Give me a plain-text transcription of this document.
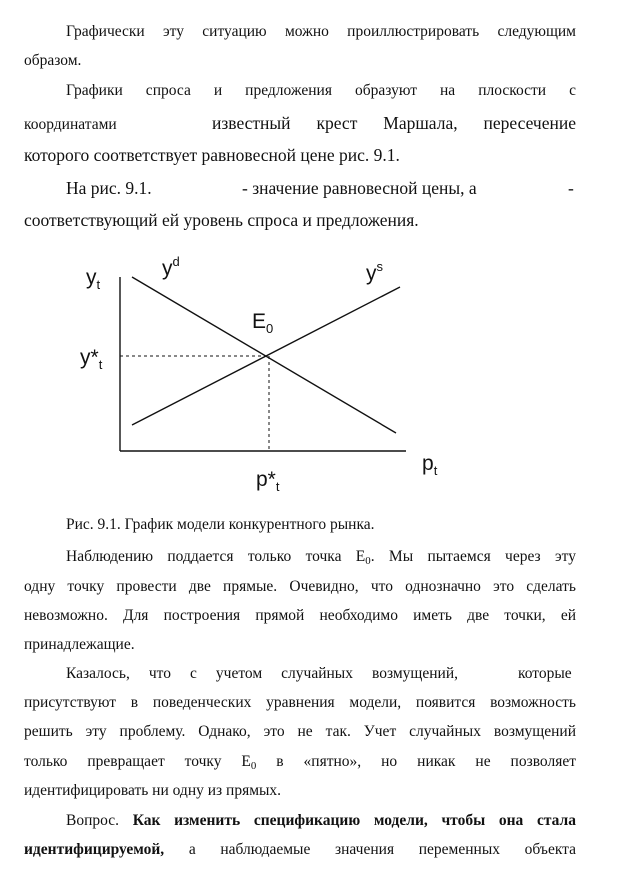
Графически эту ситуацию можно проиллюстрировать следующим
образом.
Графики спроса и предложения образуют на плоскости с
координатами	известный крест Маршала, пересечение
которого соответствует равновесной цене рис. 9.1.
На рис. 9.1.	- значение равновесной цены, а	-
соответствующий ей уровень спроса и предложения.
$y_t$
$y^d$
$y^s$
$E_0$
$y*_t$
$p_t$
$p*_t$
Рис. 9.1. График модели конкурентного рынка.
Наблюдению поддается только точка $E_0$. Мы пытаемся через эту
одну точку провести две прямые. Очевидно, что однозначно это сделать
невозможно. Для построения прямой необходимо иметь две точки, ей
принадлежащие.
Казалось, что с учетом случайных возмущений,	которые
присутствуют в поведенческих уравнения модели, появится возможность
решить эту проблему. Однако, это не так. Учет случайных возмущений
только превращает точку $E_0$ в «пятно», но никак не позволяет
идентифицировать ни одну из прямых.
Вопрос. Как изменить спецификацию модели, чтобы она стала
идентифицируемой, а наблюдаемые значения переменных объекта
